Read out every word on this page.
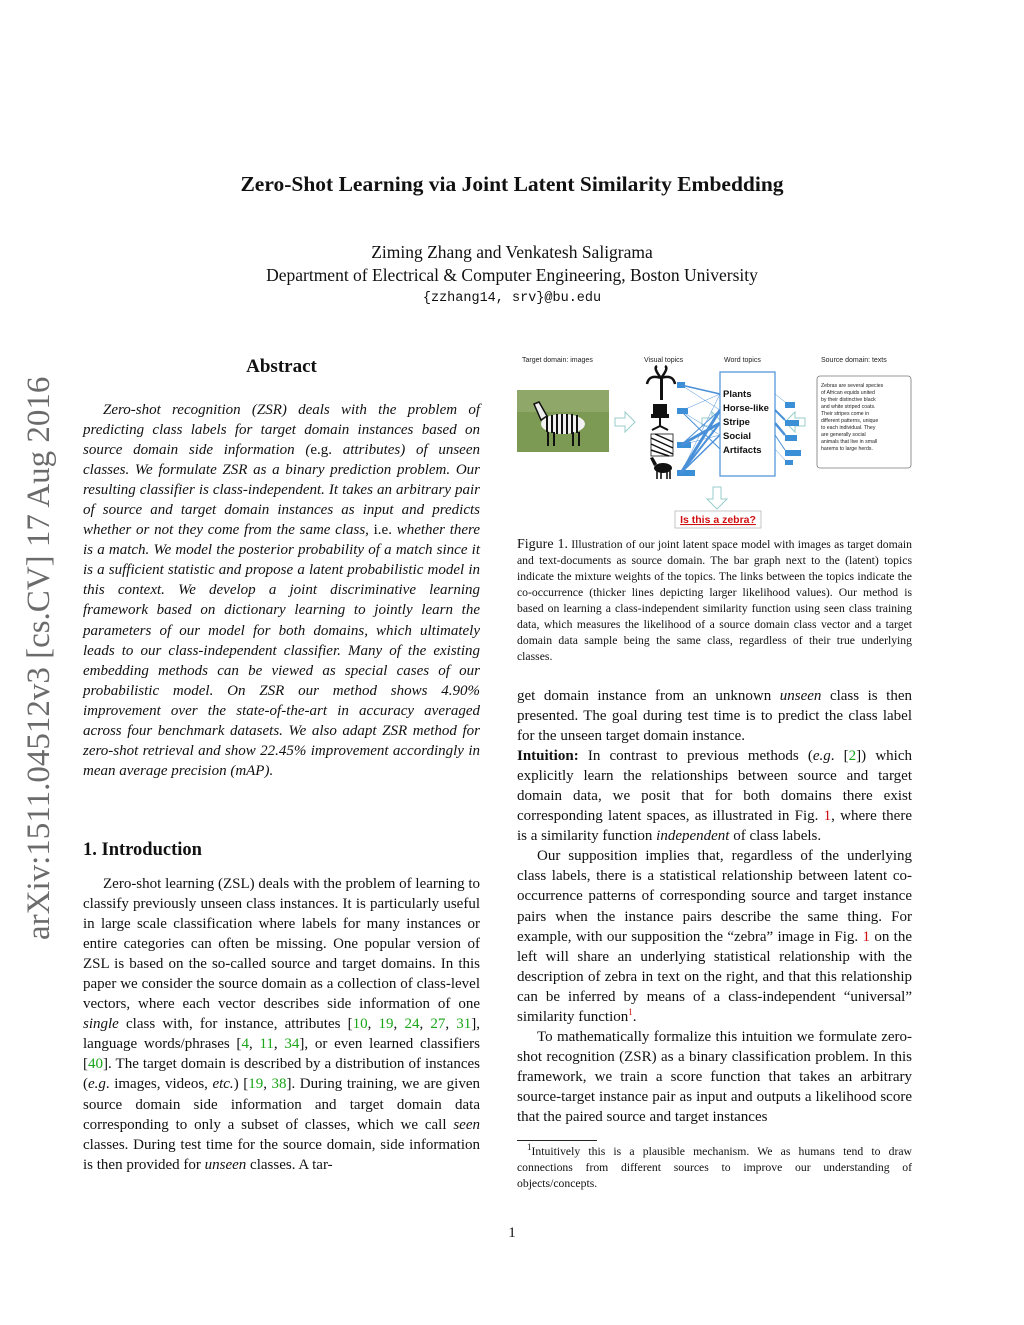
arXiv:1511.04512v3 [cs.CV] 17 Aug 2016
Zero-Shot Learning via Joint Latent Similarity Embedding
Ziming Zhang and Venkatesh Saligrama
Department of Electrical & Computer Engineering, Boston University
{zzhang14, srv}@bu.edu
Abstract
Zero-shot recognition (ZSR) deals with the problem of predicting class labels for target domain instances based on source domain side information (e.g. attributes) of unseen classes. We formulate ZSR as a binary prediction problem. Our resulting classifier is class-independent. It takes an arbitrary pair of source and target domain instances as input and predicts whether or not they come from the same class, i.e. whether there is a match. We model the posterior probability of a match since it is a sufficient statistic and propose a latent probabilistic model in this context. We develop a joint discriminative learning framework based on dictionary learning to jointly learn the parameters of our model for both domains, which ultimately leads to our class-independent classifier. Many of the existing embedding methods can be viewed as special cases of our probabilistic model. On ZSR our method shows 4.90% improvement over the state-of-the-art in accuracy averaged across four benchmark datasets. We also adapt ZSR method for zero-shot retrieval and show 22.45% improvement accordingly in mean average precision (mAP).
1. Introduction
Zero-shot learning (ZSL) deals with the problem of learning to classify previously unseen class instances. It is particularly useful in large scale classification where labels for many instances or entire categories can often be missing. One popular version of ZSL is based on the so-called source and target domains. In this paper we consider the source domain as a collection of class-level vectors, where each vector describes side information of one single class with, for instance, attributes [10, 19, 24, 27, 31], language words/phrases [4, 11, 34], or even learned classifiers [40]. The target domain is described by a distribution of instances (e.g. images, videos, etc.) [19, 38]. During training, we are given source domain side information and target domain data corresponding to only a subset of classes, which we call seen classes. During test time for the source domain, side information is then provided for unseen classes. A tar-
Target domain: images	Visual topics	Word topics	Source domain: texts
Plants
Horse-like
Stripe
Social
Artifacts
Zebras are several species
of African equids united
by their distinctive black
and white striped coats.
Their stripes come in
different patterns, unique
to each individual. They
are generally social
animals that live in small
harems to large herds.
Is this a zebra?
Figure 1. Illustration of our joint latent space model with images as target domain and text-documents as source domain. The bar graph next to the (latent) topics indicate the mixture weights of the topics. The links between the topics indicate the co-occurrence (thicker lines depicting larger likelihood values). Our method is based on learning a class-independent similarity function using seen class training data, which measures the likelihood of a source domain class vector and a target domain data sample being the same class, regardless of their true underlying classes.

get domain instance from an unknown unseen class is then presented. The goal during test time is to predict the class label for the unseen target domain instance.

Intuition: In contrast to previous methods (e.g. [2]) which explicitly learn the relationships between source and target domain data, we posit that for both domains there exist corresponding latent spaces, as illustrated in Fig. 1, where there is a similarity function independent of class labels.

Our supposition implies that, regardless of the underlying class labels, there is a statistical relationship between latent co-occurrence patterns of corresponding source and target instance pairs when the instance pairs describe the same thing. For example, with our supposition the “zebra” image in Fig. 1 on the left will share an underlying statistical relationship with the description of zebra in text on the right, and that this relationship can be inferred by means of a class-independent “universal” similarity function$^1$.

To mathematically formalize this intuition we formulate zero-shot recognition (ZSR) as a binary classification problem. In this framework, we train a score function that takes an arbitrary source-target instance pair as input and outputs a likelihood score that the paired source and target instances

$^1$Intuitively this is a plausible mechanism. We as humans tend to draw connections from different sources to improve our understanding of objects/concepts.
1
